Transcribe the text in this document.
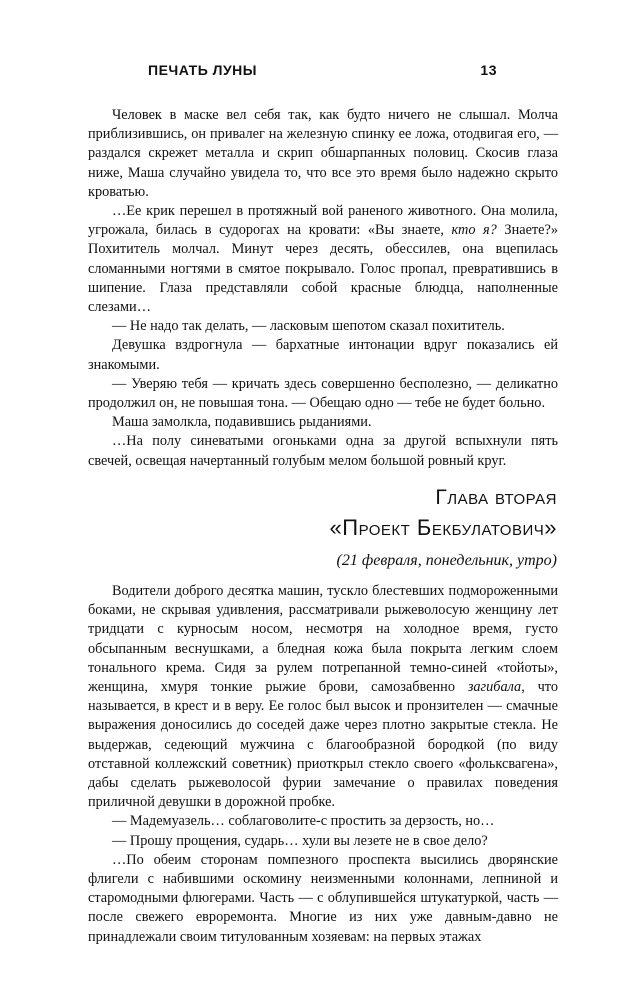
ПЕЧАТЬ ЛУНЫ	13

Человек в маске вел себя так, как будто ничего не слышал. Молча приблизившись, он привалег на железную спинку ее ложа, отодвигая его, — раздался скрежет металла и скрип обшарпанных половиц. Скосив глаза ниже, Маша случайно увидела то, что все это время было надежно скрыто кроватью.

…Ее крик перешел в протяжный вой раненого животного. Она молила, угрожала, билась в судорогах на кровати: «Вы знаете, кто я? Знаете?» Похититель молчал. Минут через десять, обессилев, она вцепилась сломанными ногтями в смятое покрывало. Голос пропал, превратившись в шипение. Глаза представляли собой красные блюдца, наполненные слезами…

— Не надо так делать, — ласковым шепотом сказал похититель.

Девушка вздрогнула — бархатные интонации вдруг показались ей знакомыми.

— Уверяю тебя — кричать здесь совершенно бесполезно, — деликатно продолжил он, не повышая тона. — Обещаю одно — тебе не будет больно.

Маша замолкла, подавившись рыданиями.

…На полу синеватыми огоньками одна за другой вспыхнули пять свечей, освещая начертанный голубым мелом большой ровный круг.

Глава вторая
«Проект Бекбулатович»
(21 февраля, понедельник, утро)

Водители доброго десятка машин, тускло блестевших подмороженными боками, не скрывая удивления, рассматривали рыжеволосую женщину лет тридцати с курносым носом, несмотря на холодное время, густо обсыпанным веснушками, а бледная кожа была покрыта легким слоем тонального крема. Сидя за рулем потрепанной темно-синей «тойоты», женщина, хмуря тонкие рыжие брови, самозабвенно загибала, что называется, в крест и в веру. Ее голос был высок и пронзителен — смачные выражения доносились до соседей даже через плотно закрытые стекла. Не выдержав, седеющий мужчина с благообразной бородкой (по виду отставной коллежский советник) приоткрыл стекло своего «фольксвагена», дабы сделать рыжеволосой фурии замечание о правилах поведения приличной девушки в дорожной пробке.

— Мадемуазель… соблаговолите-с простить за дерзость, но…

— Прошу прощения, сударь… хули вы лезете не в свое дело?

…По обеим сторонам помпезного проспекта высились дворянские флигели с набившими оскомину неизменными колоннами, лепниной и старомодными флюгерами. Часть — с облупившейся штукатуркой, часть — после свежего евроремонта. Многие из них уже давным-давно не принадлежали своим титулованным хозяевам: на первых этажах
